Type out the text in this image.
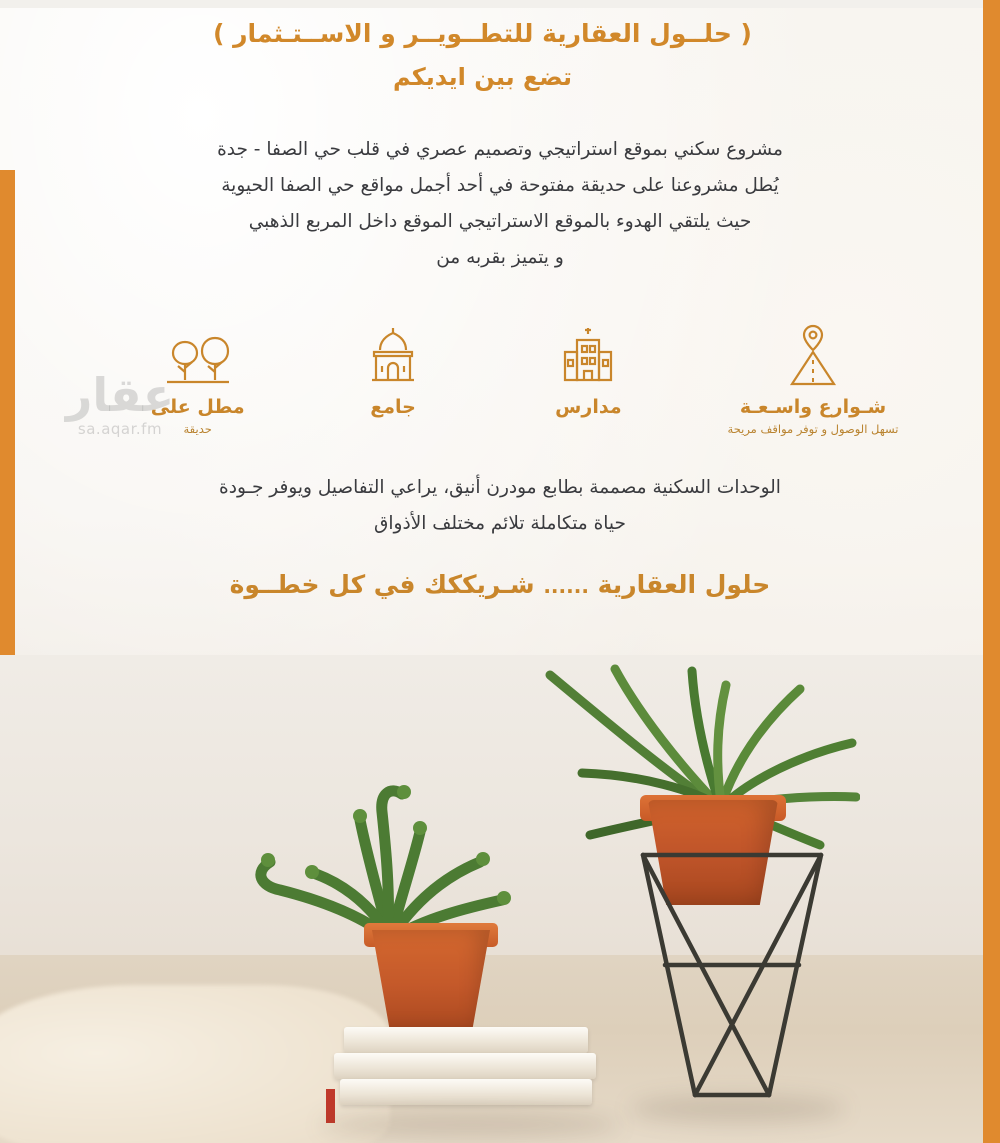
( حلــول العقارية للتطــويــر و الاســتـثمار )
تضع بين ايديكم
مشروع سكني بموقع استراتيجي وتصميم عصري في قلب حي الصفا - جدة
يُطل مشروعنا على حديقة مفتوحة في أحد أجمل مواقع حي الصفا الحيوية
حيث يلتقي الهدوء بالموقع الاستراتيجي الموقع داخل المربع الذهبي
و يتميز بقربه من
شـوارع واسـعـة
تسهل الوصول و توفر مواقف مريحة
مدارس
جامع
مطل على
حديقة
عقار
sa.aqar.fm
الوحدات السكنية مصممة بطابع مودرن أنيق، يراعي التفاصيل ويوفر جـودة
حياة متكاملة تلائم مختلف الأذواق
حلول العقارية ...... شـريككك في كل خطــوة
